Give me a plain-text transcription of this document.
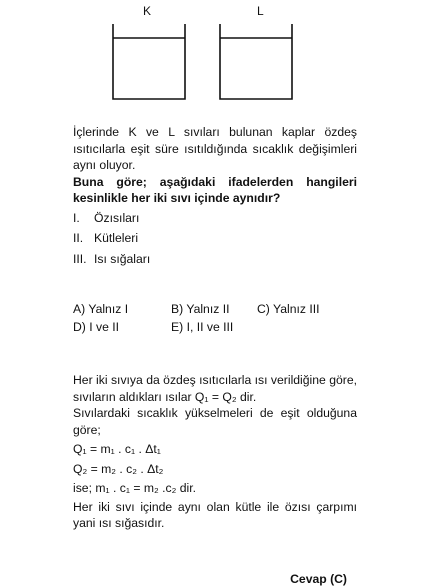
K	L

İçlerinde K ve L sıvıları bulunan kaplar özdeş ısıtıcılarla eşit süre ısıtıldığında sıcaklık değişimleri aynı oluyor.

Buna göre; aşağıdaki ifadelerden hangileri kesinlikle her iki sıvı içinde aynıdır?

I.	Özısıları
II. Kütleleri
III. Isı sığaları
A) Yalnız I	B) Yalnız II	C) Yalnız III
D) I ve II	E) I, II ve III

Her iki sıvıya da özdeş ısıtıcılarla ısı verildiğine göre, sıvıların aldıkları ısılar Q₁ = Q₂ dir.

Sıvılardaki sıcaklık yükselmeleri de eşit olduğuna göre;

Q₁ = m₁ . c₁ . Δt₁

Q₂ = m₂ . c₂ . Δt₂

ise; m₁ . c₁ = m₂ .c₂ dir.

Her iki sıvı içinde aynı olan kütle ile özısı çarpımı yani ısı sığasıdır.

Cevap (C)
